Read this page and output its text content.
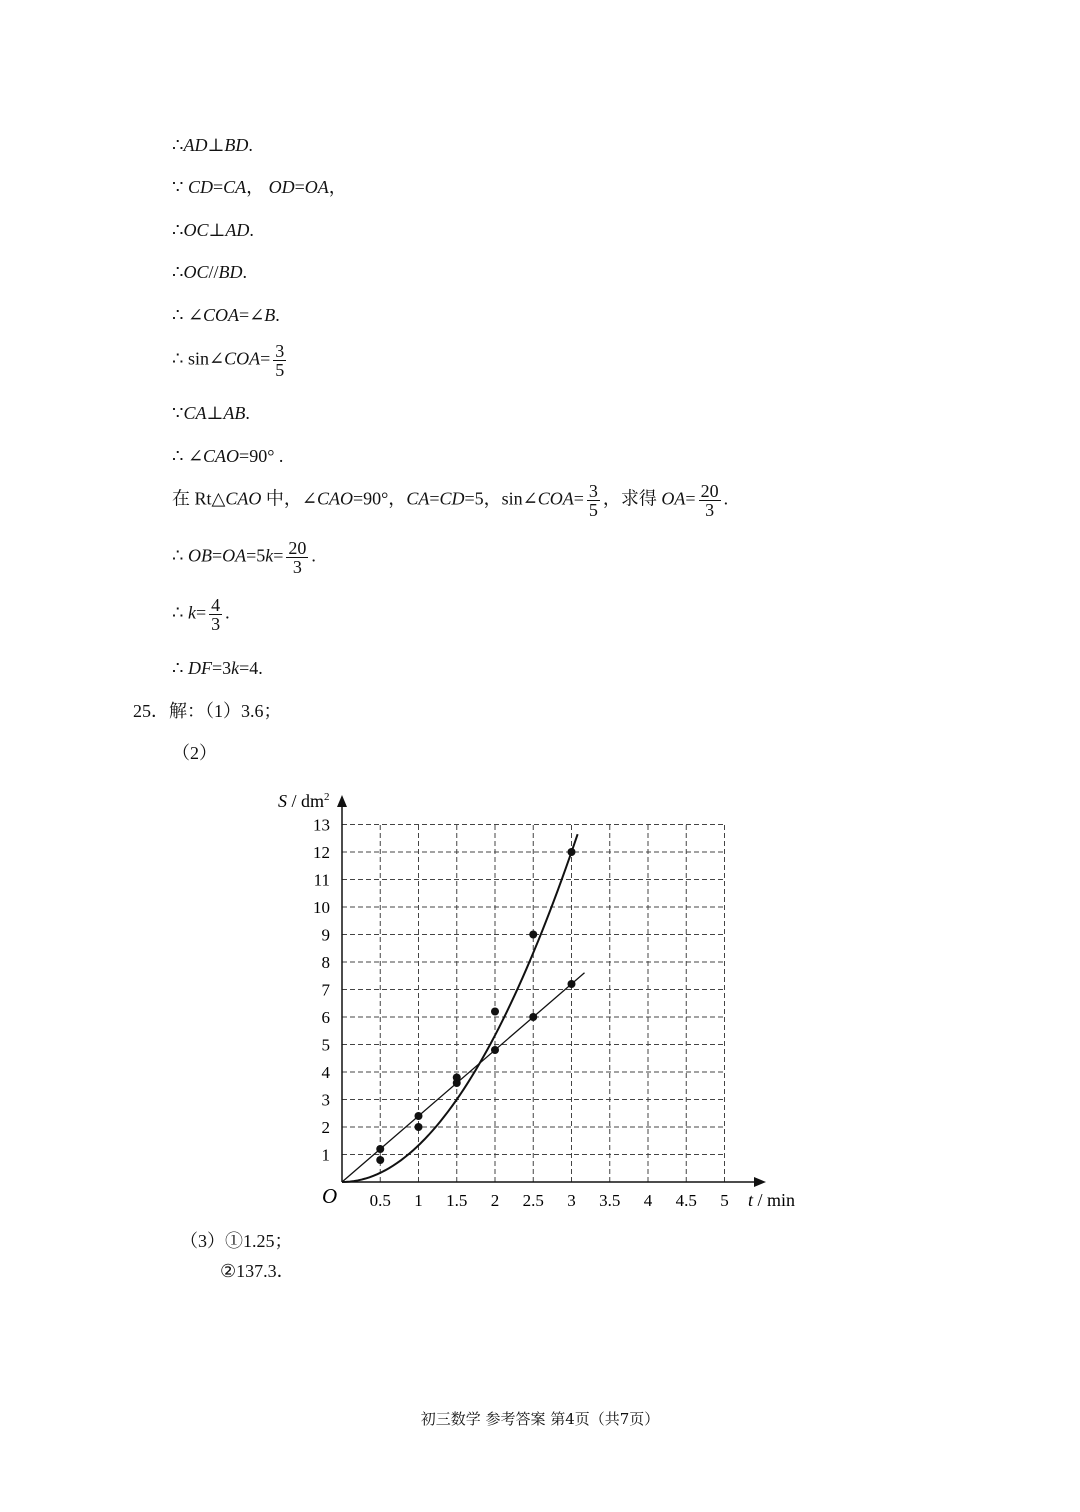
∴AD⊥BD.
∵ CD=CA， OD=OA，
∴OC⊥AD.
∴OC//BD.
∴ ∠COA=∠B.
∴ sin∠COA= $\frac{3}{5}$
∵CA⊥AB.
∴ ∠CAO=90° .
在 Rt△CAO 中，∠CAO=90°，CA=CD=5，sin∠COA= $\frac{3}{5}$ ，求得 $OA= \frac{20}{3}$ .
∴ $OB=OA=5k= \frac{20}{3}$ .
∴ $k= \frac{4}{3}$ .
∴ DF=3k=4.
25．解：（1）3.6；
（2）
0.5 1 1.5 2 2.5 3 3.5 4 4.5 5
1
2
3
4
5
6
7
8
9
10
11
12
13
S / $dm^2$
t / min
O
（3）①1.25；
②137.3．
初三数学 参考答案 第4页（共7页）
